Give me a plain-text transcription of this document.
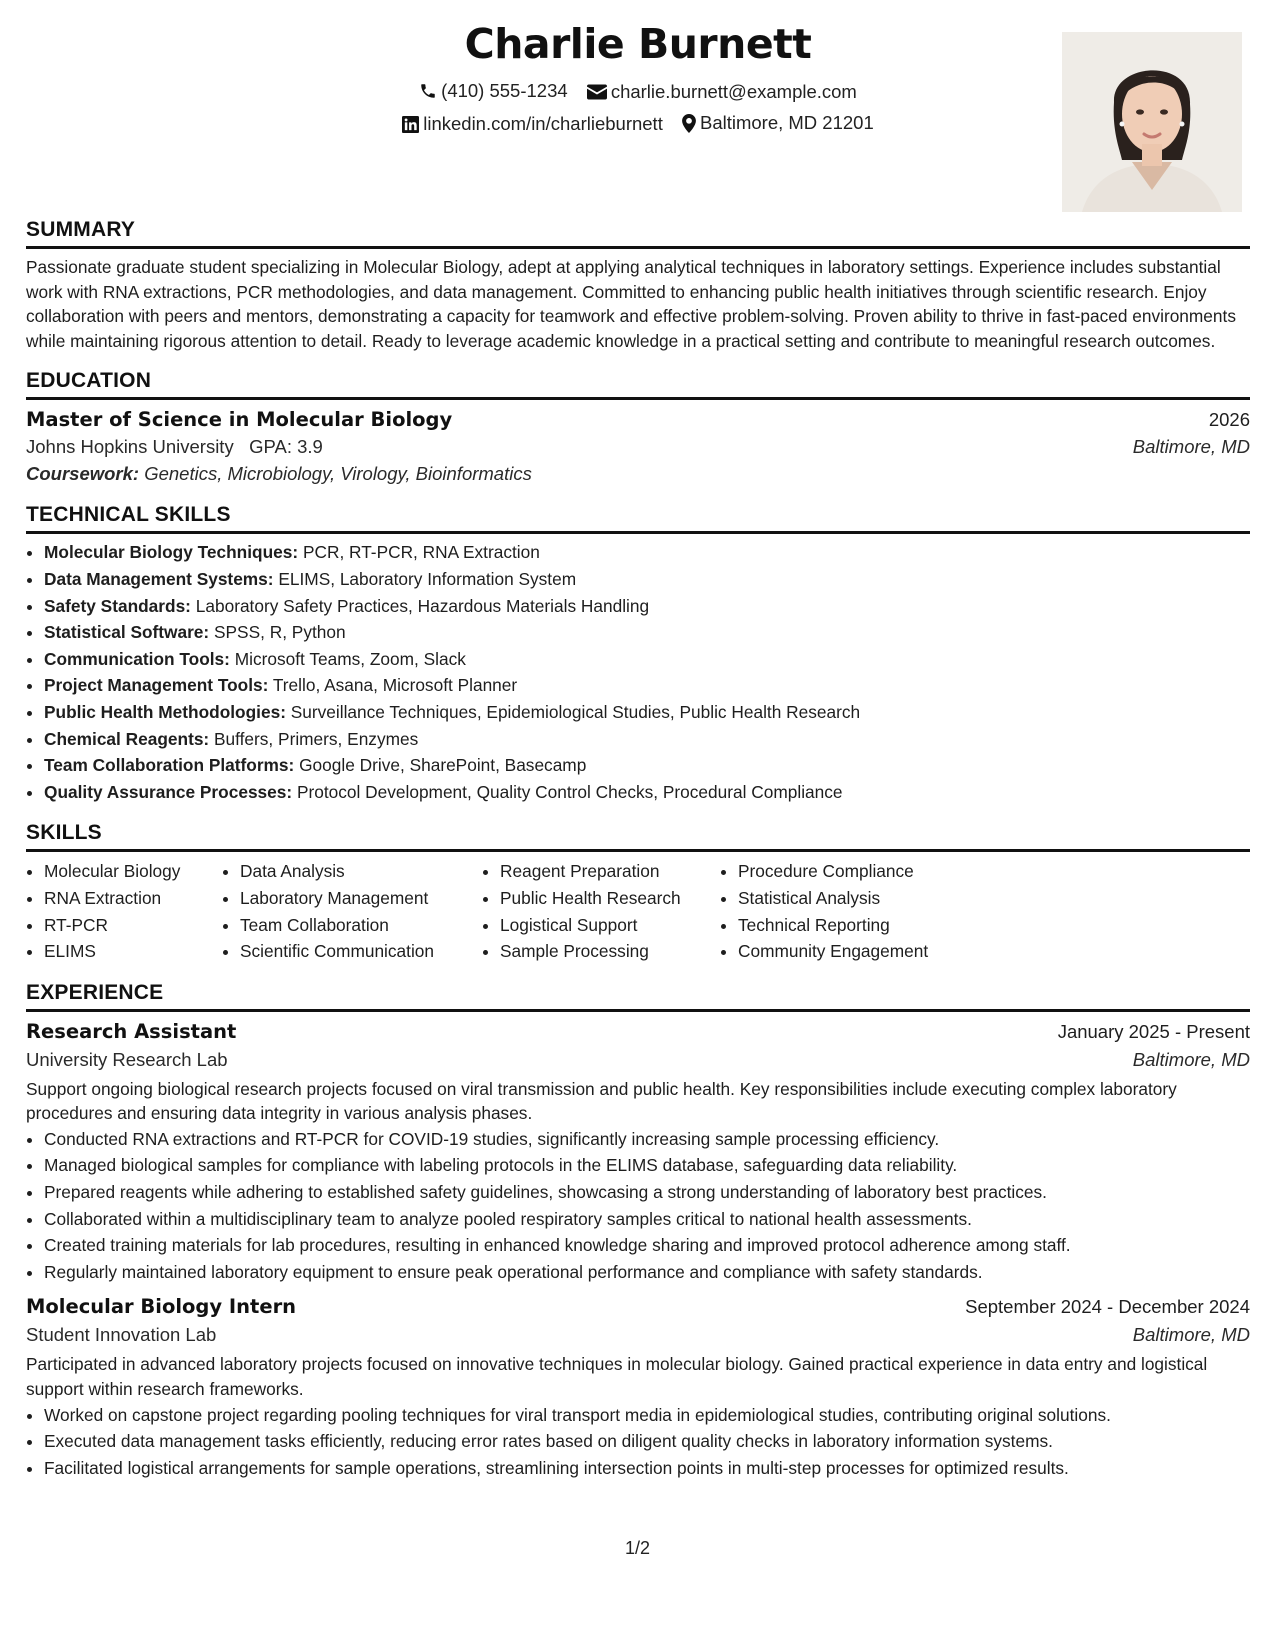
Charlie Burnett
(410) 555-1234
charlie.burnett@example.com
linkedin.com/in/charlieburnett
Baltimore, MD 21201
SUMMARY

Passionate graduate student specializing in Molecular Biology, adept at applying analytical techniques in laboratory settings. Experience includes substantial work with RNA extractions, PCR methodologies, and data management. Committed to enhancing public health initiatives through scientific research. Enjoy collaboration with peers and mentors, demonstrating a capacity for teamwork and effective problem-solving. Proven ability to thrive in fast-paced environments while maintaining rigorous attention to detail. Ready to leverage academic knowledge in a practical setting and contribute to meaningful research outcomes.

EDUCATION
Master of Science in Molecular Biology	2026
Johns Hopkins University GPA: 3.9	Baltimore, MD
Coursework: Genetics, Microbiology, Virology, Bioinformatics
TECHNICAL SKILLS
• Molecular Biology Techniques: PCR, RT-PCR, RNA Extraction
• Data Management Systems: ELIMS, Laboratory Information System
• Safety Standards: Laboratory Safety Practices, Hazardous Materials Handling
• Statistical Software: SPSS, R, Python
• Communication Tools: Microsoft Teams, Zoom, Slack
• Project Management Tools: Trello, Asana, Microsoft Planner
• Public Health Methodologies: Surveillance Techniques, Epidemiological Studies, Public Health Research
• Chemical Reagents: Buffers, Primers, Enzymes
• Team Collaboration Platforms: Google Drive, SharePoint, Basecamp
• Quality Assurance Processes: Protocol Development, Quality Control Checks, Procedural Compliance
SKILLS
• Molecular Biology
• RNA Extraction
• RT-PCR
• ELIMS
• Data Analysis
• Laboratory Management
• Team Collaboration
• Scientific Communication
• Reagent Preparation
• Public Health Research
• Logistical Support
• Sample Processing
• Procedure Compliance
• Statistical Analysis
• Technical Reporting
• Community Engagement
EXPERIENCE
Research Assistant	January 2025 - Present
University Research Lab	Baltimore, MD

Support ongoing biological research projects focused on viral transmission and public health. Key responsibilities include executing complex laboratory procedures and ensuring data integrity in various analysis phases.

• Conducted RNA extractions and RT-PCR for COVID-19 studies, significantly increasing sample processing efficiency.
• Managed biological samples for compliance with labeling protocols in the ELIMS database, safeguarding data reliability.
• Prepared reagents while adhering to established safety guidelines, showcasing a strong understanding of laboratory best practices.
• Collaborated within a multidisciplinary team to analyze pooled respiratory samples critical to national health assessments.
• Created training materials for lab procedures, resulting in enhanced knowledge sharing and improved protocol adherence among staff.
• Regularly maintained laboratory equipment to ensure peak operational performance and compliance with safety standards.
Molecular Biology Intern	September 2024 - December 2024
Student Innovation Lab	Baltimore, MD

Participated in advanced laboratory projects focused on innovative techniques in molecular biology. Gained practical experience in data entry and logistical support within research frameworks.

• Worked on capstone project regarding pooling techniques for viral transport media in epidemiological studies, contributing original solutions.
• Executed data management tasks efficiently, reducing error rates based on diligent quality checks in laboratory information systems.
• Facilitated logistical arrangements for sample operations, streamlining intersection points in multi-step processes for optimized results.
1/2
